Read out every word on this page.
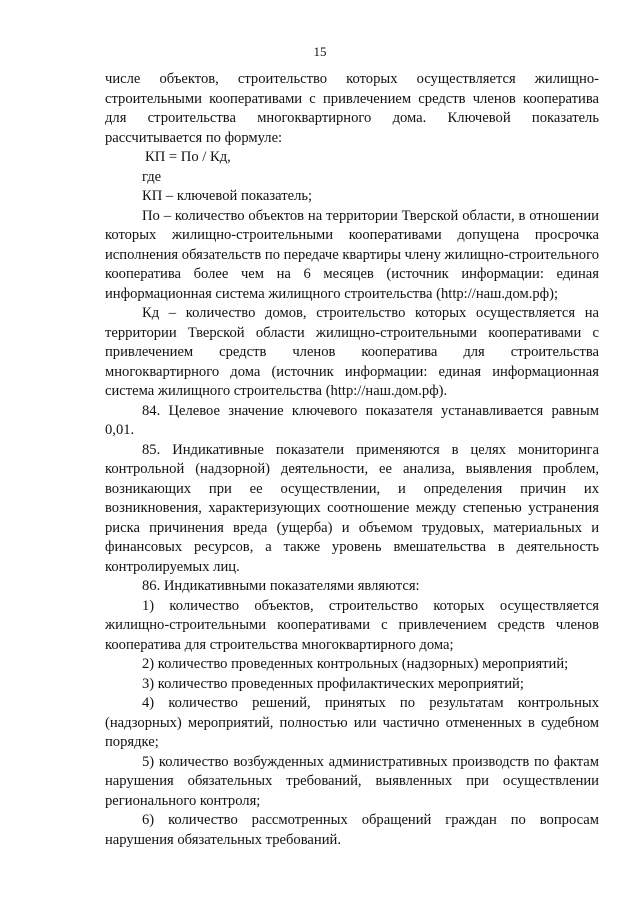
15

числе объектов, строительство которых осуществляется жилищно-строительными кооперативами с привлечением средств членов кооператива для строительства многоквартирного дома. Ключевой показатель рассчитывается по формуле:

КП = По / Кд,

где

КП – ключевой показатель;

По – количество объектов на территории Тверской области, в отношении которых жилищно-строительными кооперативами допущена просрочка исполнения обязательств по передаче квартиры члену жилищно-строительного кооператива более чем на 6 месяцев (источник информации: единая информационная система жилищного строительства (http://наш.дом.рф);

Кд – количество домов, строительство которых осуществляется на территории Тверской области жилищно-строительными кооперативами с привлечением средств членов кооператива для строительства многоквартирного дома (источник информации: единая информационная система жилищного строительства (http://наш.дом.рф).

84. Целевое значение ключевого показателя устанавливается равным 0,01.

85. Индикативные показатели применяются в целях мониторинга контрольной (надзорной) деятельности, ее анализа, выявления проблем, возникающих при ее осуществлении, и определения причин их возникновения, характеризующих соотношение между степенью устранения риска причинения вреда (ущерба) и объемом трудовых, материальных и финансовых ресурсов, а также уровень вмешательства в деятельность контролируемых лиц.

86. Индикативными показателями являются:

1) количество объектов, строительство которых осуществляется жилищно-строительными кооперативами с привлечением средств членов кооператива для строительства многоквартирного дома;

2) количество проведенных контрольных (надзорных) мероприятий;

3) количество проведенных профилактических мероприятий;

4) количество решений, принятых по результатам контрольных (надзорных) мероприятий, полностью или частично отмененных в судебном порядке;

5) количество возбужденных административных производств по фактам нарушения обязательных требований, выявленных при осуществлении регионального контроля;

6) количество рассмотренных обращений граждан по вопросам нарушения обязательных требований.
